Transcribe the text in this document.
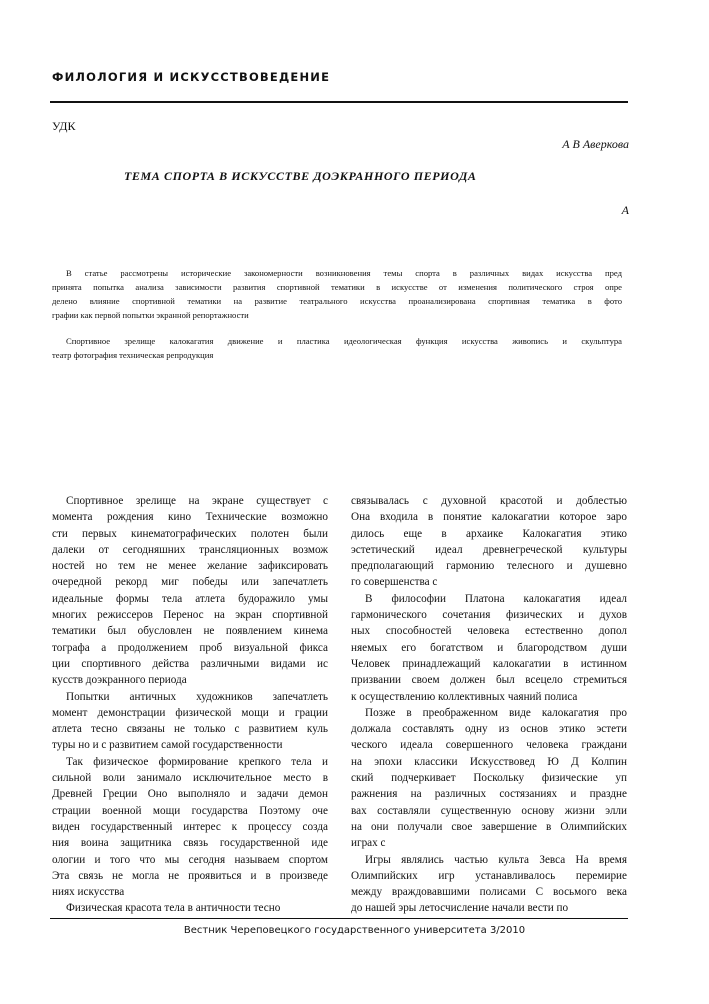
ФИЛОЛОГИЯ И ИСКУССТВОВЕДЕНИЕ
УДК
А В Аверкова
ТЕМА СПОРТА В ИСКУССТВЕ ДОЭКРАННОГО ПЕРИОДА
А
В статье рассмотрены исторические закономерности возникновения темы спорта в различных видах искусства пред
принята попытка анализа зависимости развития спортивной тематики в искусстве от изменения политического строя опре
делено влияние спортивной тематики на развитие театрального искусства проанализирована спортивная тематика в фото
графии как первой попытки экранной репортажности
Спортивное зрелище калокагатия движение и пластика идеологическая функция искусства живопись и скульптура
театр фотография техническая репродукция
Спортивное зрелище на экране существует с
момента рождения кино Технические возможно
сти первых кинематографических полотен были
далеки от сегодняшних трансляционных возмож
ностей но тем не менее желание зафиксировать
очередной рекорд миг победы или запечатлеть
идеальные формы тела атлета будоражило умы
многих режиссеров Перенос на экран спортивной
тематики был обусловлен не появлением кинема
тографа а продолжением проб визуальной фикса
ции спортивного действа различными видами ис
кусств доэкранного периода
Попытки античных художников запечатлеть
момент демонстрации физической мощи и грации
атлета тесно связаны не только с развитием куль
туры но и с развитием самой государственности
Так физическое формирование крепкого тела и
сильной воли занимало исключительное место в
Древней Греции Оно выполняло и задачи демон
страции военной мощи государства Поэтому оче
виден государственный интерес к процессу созда
ния воина защитника связь государственной иде
ологии и того что мы сегодня называем спортом
Эта связь не могла не проявиться и в произведе
ниях искусства
Физическая красота тела в античности тесно
связывалась с духовной красотой и доблестью
Она входила в понятие калокагатии которое заро
дилось еще в архаике Калокагатия этико
эстетический идеал древнегреческой культуры
предполагающий гармонию телесного и душевно
го совершенства с
В философии Платона калокагатия идеал
гармонического сочетания физических и духов
ных способностей человека естественно допол
няемых его богатством и благородством души
Человек принадлежащий калокагатии в истинном
призвании своем должен был всецело стремиться
к осуществлению коллективных чаяний полиса
Позже в преображенном виде калокагатия про
должала составлять одну из основ этико эстети
ческого идеала совершенного человека граждани
на эпохи классики Искусствовед Ю Д Колпин
ский подчеркивает Поскольку физические уп
ражнения на различных состязаниях и праздне
вах составляли существенную основу жизни элли
на они получали свое завершение в Олимпийских
играх с
Игры являлись частью культа Зевса На время
Олимпийских игр устанавливалось перемирие
между враждовавшими полисами С восьмого века
до нашей эры летосчисление начали вести по
Вестник Череповецкого государственного университета 3/2010
